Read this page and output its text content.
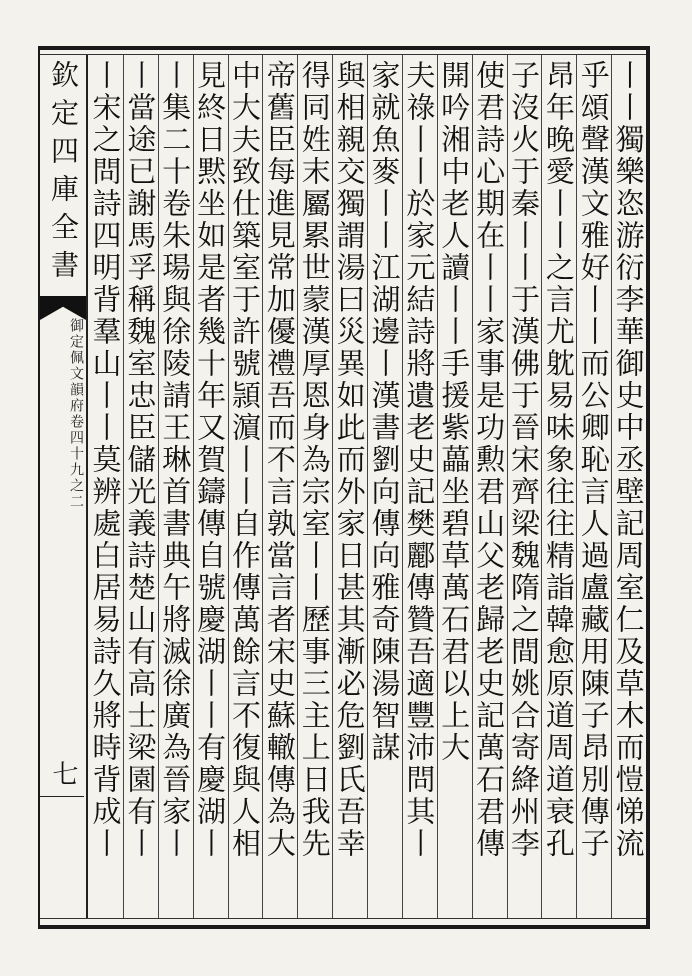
欽定四庫全書
御定佩文韻府卷四十九之二
七	丨丨獨樂恣游衍李華御史中丞壁記周室仁及草木而愷悌流
乎頌聲漢文雅好丨丨而公卿恥言人過盧藏用陳子昂別傳子
昂年晚愛丨丨之言尤躭易味象往往精詣韓愈原道周道衰孔
子沒火于秦丨丨于漢佛于晉宋齊梁魏隋之間姚合寄絳州李
使君詩心期在丨丨家事是功勲君山父老歸老史記萬石君傳
開吟湘中老人讀丨丨手援紫藟坐碧草萬石君以上大
夫祿丨丨於家元結詩將遺老史記樊酈傳贊吾適豐沛問其丨
家就魚麥丨丨江湖邊丨漢書劉向傳向雅奇陳湯智謀
與相親交獨謂湯曰災異如此而外家日甚其漸必危劉氏吾幸
得同姓末屬累世蒙漢厚恩身為宗室丨丨歷事三主上日我先
帝舊臣每進見常加優禮吾而不言孰當言者宋史蘇轍傳為大
中大夫致仕築室于許號頴濵丨丨自作傳萬餘言不復與人相
見終日黙坐如是者幾十年又賀鑄傳自號慶湖丨丨有慶湖丨
丨集二十卷朱瑒與徐陵請王琳首書典午將滅徐廣為晉家丨
丨當途已謝馬孚稱魏室忠臣儲光義詩楚山有高士梁園有丨
丨宋之問詩四明背羣山丨丨莫辨處白居易詩久將時背成丨
